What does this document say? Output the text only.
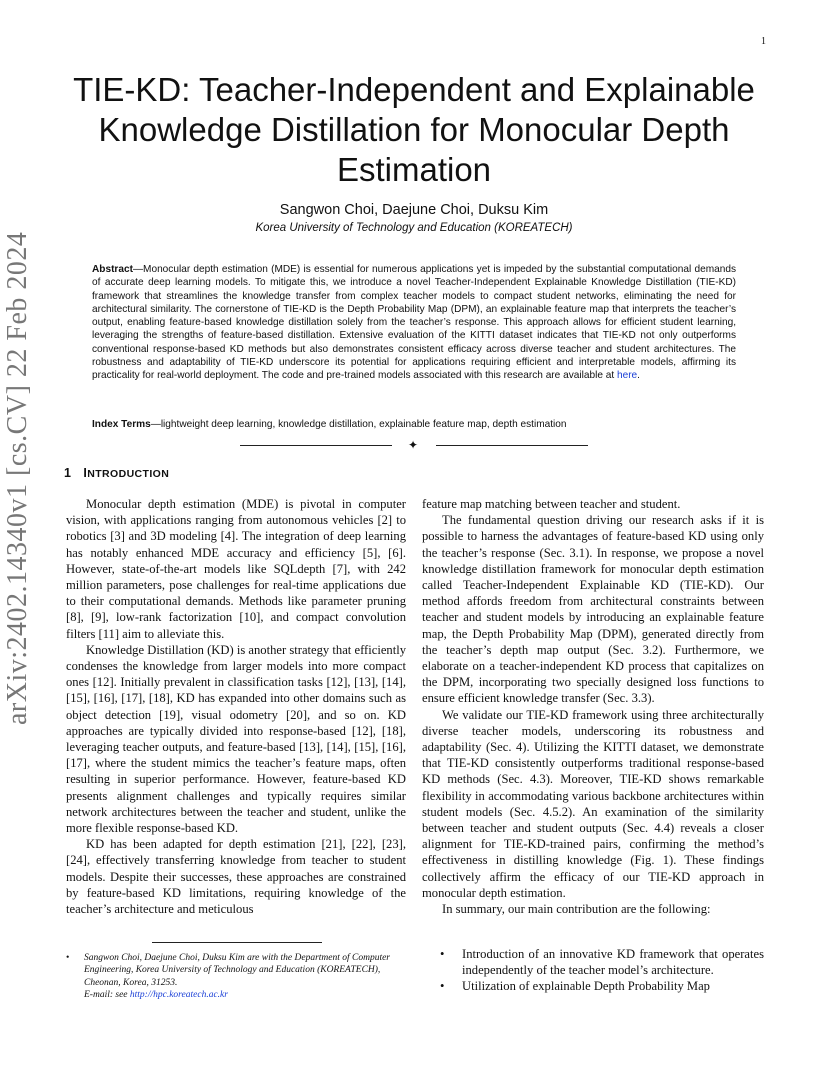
1
TIE-KD: Teacher-Independent and Explainable Knowledge Distillation for Monocular Depth Estimation
Sangwon Choi, Daejune Choi, Duksu Kim
Korea University of Technology and Education (KOREATECH)
arXiv:2402.14340v1 [cs.CV] 22 Feb 2024	Abstract—Monocular depth estimation (MDE) is essential for numerous applications yet is impeded by the substantial computational demands of accurate deep learning models. To mitigate this, we introduce a novel Teacher-Independent Explainable Knowledge Distillation (TIE-KD) framework that streamlines the knowledge transfer from complex teacher models to compact student networks, eliminating the need for architectural similarity. The cornerstone of TIE-KD is the Depth Probability Map (DPM), an explainable feature map that interprets the teacher’s output, enabling feature-based knowledge distillation solely from the teacher’s response. This approach allows for efficient student learning, leveraging the strengths of feature-based distillation. Extensive evaluation of the KITTI dataset indicates that TIE-KD not only outperforms conventional response-based KD methods but also demonstrates consistent efficacy across diverse teacher and student architectures. The robustness and adaptability of TIE-KD underscore its potential for applications requiring efficient and interpretable models, affirming its practicality for real-world deployment. The code and pre-trained models associated with this research are available at here.
Index Terms—lightweight deep learning, knowledge distillation, explainable feature map, depth estimation
✦
1 INTRODUCTION

Monocular depth estimation (MDE) is pivotal in computer vision, with applications ranging from autonomous vehicles [2] to robotics [3] and 3D modeling [4]. The integration of deep learning has notably enhanced MDE accuracy and efficiency [5], [6]. However, state-of-the-art models like SQLdepth [7], with 242 million parameters, pose challenges for real-time applications due to their computational demands. Methods like parameter pruning [8], [9], low-rank factorization [10], and compact convolution filters [11] aim to alleviate this.

Knowledge Distillation (KD) is another strategy that efficiently condenses the knowledge from larger models into more compact ones [12]. Initially prevalent in classification tasks [12], [13], [14], [15], [16], [17], [18], KD has expanded into other domains such as object detection [19], visual odometry [20], and so on. KD approaches are typically divided into response-based [12], [18], leveraging teacher outputs, and feature-based [13], [14], [15], [16], [17], where the student mimics the teacher’s feature maps, often resulting in superior performance. However, feature-based KD presents alignment challenges and typically requires similar network architectures between the teacher and student, unlike the more flexible response-based KD.

KD has been adapted for depth estimation [21], [22], [23], [24], effectively transferring knowledge from teacher to student models. Despite their successes, these approaches are constrained by feature-based KD limitations, requiring knowledge of the teacher’s architecture and meticulous

feature map matching between teacher and student.

The fundamental question driving our research asks if it is possible to harness the advantages of feature-based KD using only the teacher’s response (Sec. 3.1). In response, we propose a novel knowledge distillation framework for monocular depth estimation called Teacher-Independent Explainable KD (TIE-KD). Our method affords freedom from architectural constraints between teacher and student models by introducing an explainable feature map, the Depth Probability Map (DPM), generated directly from the teacher’s depth map output (Sec. 3.2). Furthermore, we elaborate on a teacher-independent KD process that capitalizes on the DPM, incorporating two specially designed loss functions to ensure efficient knowledge transfer (Sec. 3.3).

We validate our TIE-KD framework using three architecturally diverse teacher models, underscoring its robustness and adaptability (Sec. 4). Utilizing the KITTI dataset, we demonstrate that TIE-KD consistently outperforms traditional response-based KD methods (Sec. 4.3). Moreover, TIE-KD shows remarkable flexibility in accommodating various backbone architectures within student models (Sec. 4.5.2). An examination of the similarity between teacher and student outputs (Sec. 4.4) reveals a closer alignment for TIE-KD-trained pairs, confirming the method’s effectiveness in distilling knowledge (Fig. 1). These findings collectively affirm the efficacy of our TIE-KD approach in monocular depth estimation.

In summary, our main contribution are the following:

• Sangwon Choi, Daejune Choi, Duksu Kim are with the Department of Computer Engineering, Korea University of Technology and Education (KOREATECH), Cheonan, Korea, 31253.
E-mail: see http://hpc.koreatech.ac.kr
• Introduction of an innovative KD framework that operates independently of the teacher model’s architecture.
• Utilization of explainable Depth Probability Map
